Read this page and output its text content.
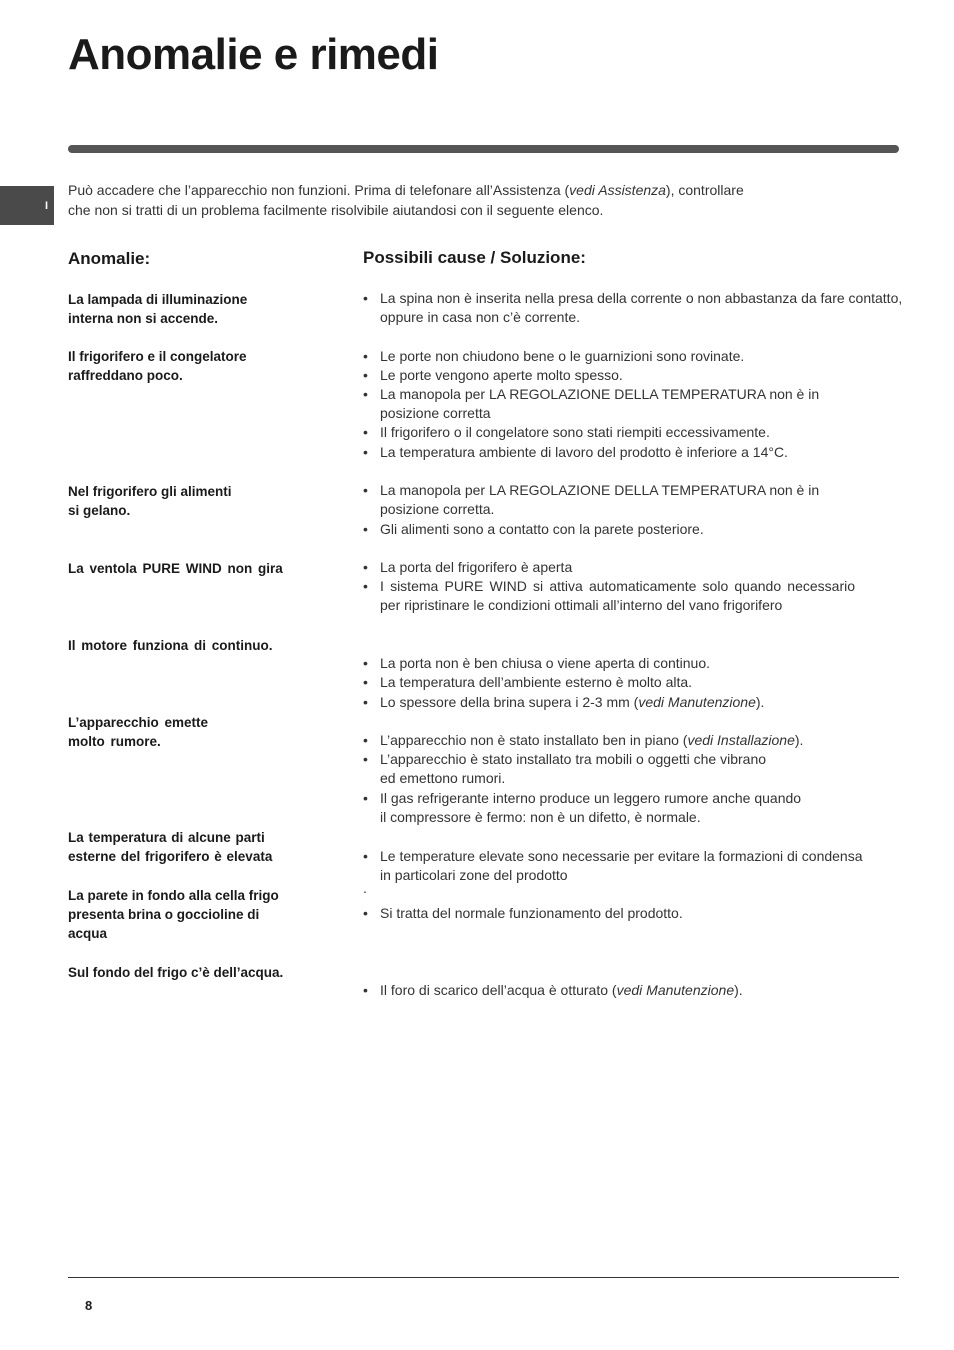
Anomalie e rimedi
I
Può accadere che l’apparecchio non funzioni. Prima di telefonare all’Assistenza (vedi Assistenza), controllare
che non si tratti di un problema facilmente risolvibile aiutandosi con il seguente elenco.
Anomalie:	Possibili cause / Soluzione:
La lampada di illuminazione
interna non si accende.
Il frigorifero e il congelatore
raffreddano poco.
Nel frigorifero gli alimenti
si gelano.
La ventola PURE WIND non gira
Il motore funziona di continuo.
L’apparecchio emette
molto rumore.
La temperatura di alcune parti
esterne del frigorifero è elevata
La parete in fondo alla cella frigo
presenta brina o goccioline di
acqua
Sul fondo del frigo c’è dell’acqua.
• La spina non è inserita nella presa della corrente o non abbastanza da fare contatto, oppure in casa non c’è corrente.
• Le porte non chiudono bene o le guarnizioni sono rovinate.
• Le porte vengono aperte molto spesso.
• La manopola per LA REGOLAZIONE DELLA TEMPERATURA non è in posizione corretta
• Il frigorifero o il congelatore sono stati riempiti eccessivamente.
• La temperatura ambiente di lavoro del prodotto è inferiore a 14°C.
• La manopola per LA REGOLAZIONE DELLA TEMPERATURA non è in posizione corretta.
• Gli alimenti sono a contatto con la parete posteriore.
• La porta del frigorifero è aperta
• I sistema PURE WIND si attiva automaticamente solo quando necessario per ripristinare le condizioni ottimali all’interno del vano frigorifero
• La porta non è ben chiusa o viene aperta di continuo.
• La temperatura dell’ambiente esterno è molto alta.
• Lo spessore della brina supera i 2-3 mm (vedi Manutenzione).
• L’apparecchio non è stato installato ben in piano (vedi Installazione).
• L’apparecchio è stato installato tra mobili o oggetti che vibrano
ed emettono rumori.
• Il gas refrigerante interno produce un leggero rumore anche quando
il compressore è fermo: non è un difetto, è normale.
• Le temperature elevate sono necessarie per evitare la formazioni di condensa in particolari zone del prodotto
.
• Si tratta del normale funzionamento del prodotto.
• Il foro di scarico dell’acqua è otturato (vedi Manutenzione).
8
